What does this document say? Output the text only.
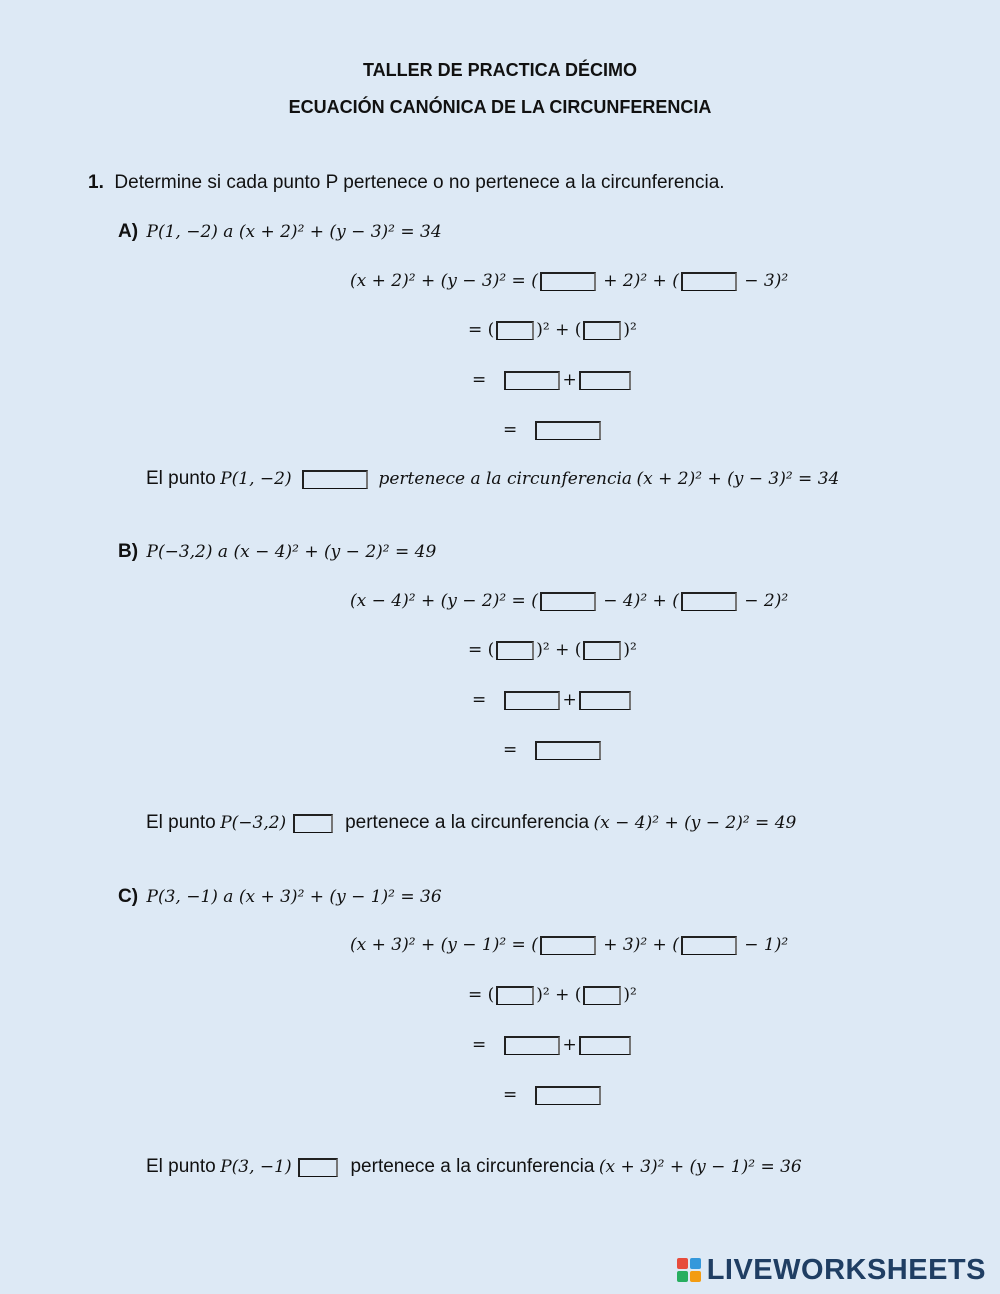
TALLER DE PRACTICA DÉCIMO
ECUACIÓN CANÓNICA DE LA CIRCUNFERENCIA
1. Determine si cada punto P pertenece o no pertenece a la circunferencia.
A) P(1, −2) a (x + 2)² + (y − 3)² = 34
(x + 2)² + (y − 3)² = (	+ 2)² + (	− 3)²
= ( )² + ( )²
=	+
=
El punto P(1, −2)	pertenece a la circunferencia (x + 2)² + (y − 3)² = 34
B) P(−3,2) a (x − 4)² + (y − 2)² = 49
(x − 4)² + (y − 2)² = (	− 4)² + (	− 2)²
= ( )² + ( )²
=	+
=
El punto P(−3,2)	pertenece a la circunferencia (x − 4)² + (y − 2)² = 49
C) P(3, −1) a (x + 3)² + (y − 1)² = 36
(x + 3)² + (y − 1)² = (	+ 3)² + (	− 1)²
= ( )² + ( )²
=	+
=
El punto P(3, −1)	pertenece a la circunferencia (x + 3)² + (y − 1)² = 36
LIVEWORKSHEETS
